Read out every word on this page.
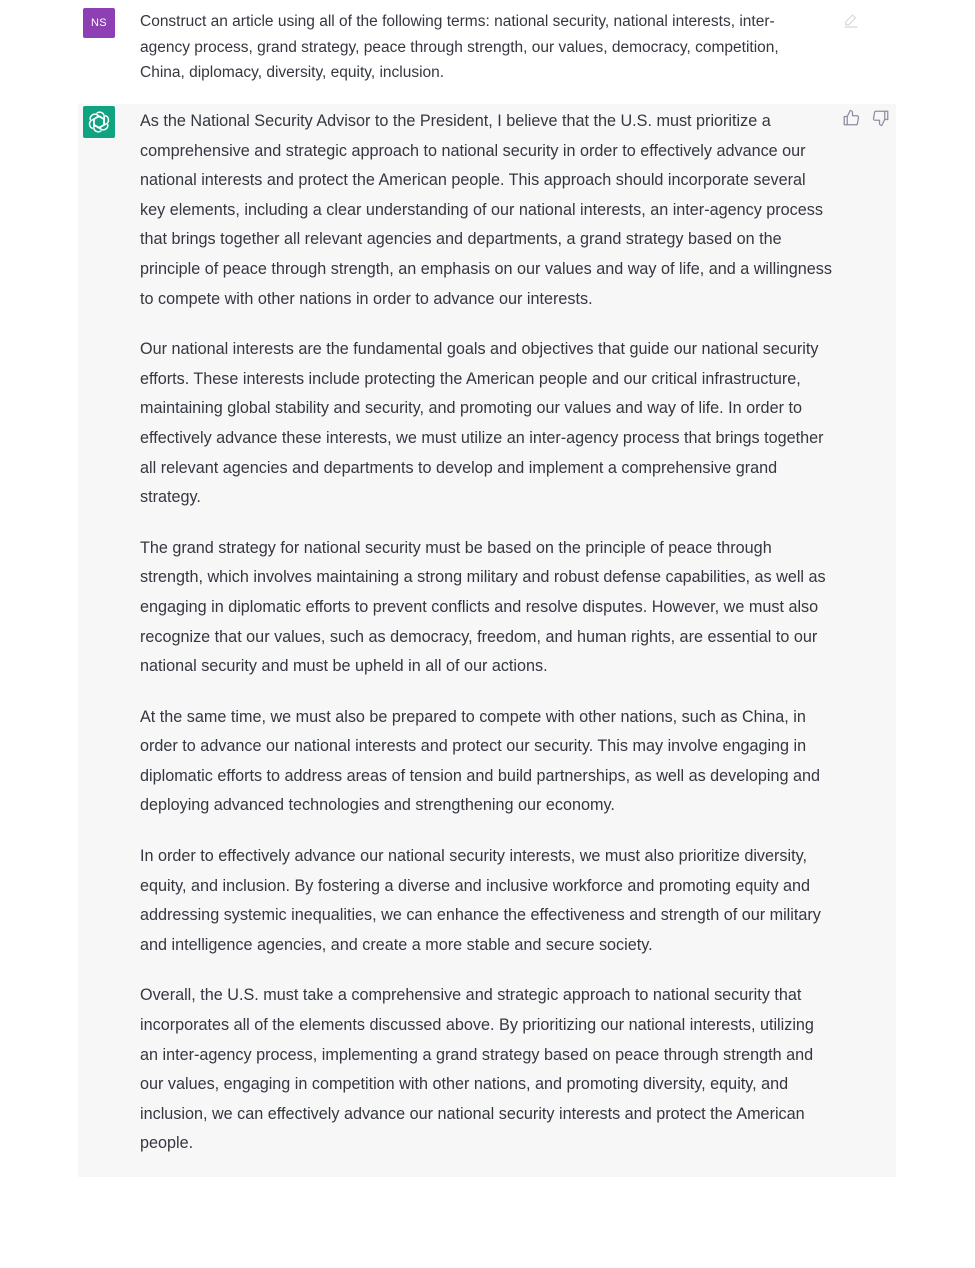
NS	Construct an article using all of the following terms: national security, national interests, inter-agency process, grand strategy, peace through strength, our values, democracy, competition, China, diplomacy, diversity, equity, inclusion.

As the National Security Advisor to the President, I believe that the U.S. must prioritize a comprehensive and strategic approach to national security in order to effectively advance our national interests and protect the American people. This approach should incorporate several key elements, including a clear understanding of our national interests, an inter-agency process that brings together all relevant agencies and departments, a grand strategy based on the principle of peace through strength, an emphasis on our values and way of life, and a willingness to compete with other nations in order to advance our interests.

Our national interests are the fundamental goals and objectives that guide our national security efforts. These interests include protecting the American people and our critical infrastructure, maintaining global stability and security, and promoting our values and way of life. In order to effectively advance these interests, we must utilize an inter-agency process that brings together all relevant agencies and departments to develop and implement a comprehensive grand strategy.

The grand strategy for national security must be based on the principle of peace through strength, which involves maintaining a strong military and robust defense capabilities, as well as engaging in diplomatic efforts to prevent conflicts and resolve disputes. However, we must also recognize that our values, such as democracy, freedom, and human rights, are essential to our national security and must be upheld in all of our actions.

At the same time, we must also be prepared to compete with other nations, such as China, in order to advance our national interests and protect our security. This may involve engaging in diplomatic efforts to address areas of tension and build partnerships, as well as developing and deploying advanced technologies and strengthening our economy.

In order to effectively advance our national security interests, we must also prioritize diversity, equity, and inclusion. By fostering a diverse and inclusive workforce and promoting equity and addressing systemic inequalities, we can enhance the effectiveness and strength of our military and intelligence agencies, and create a more stable and secure society.

Overall, the U.S. must take a comprehensive and strategic approach to national security that incorporates all of the elements discussed above. By prioritizing our national interests, utilizing an inter-agency process, implementing a grand strategy based on peace through strength and our values, engaging in competition with other nations, and promoting diversity, equity, and inclusion, we can effectively advance our national security interests and protect the American people.
